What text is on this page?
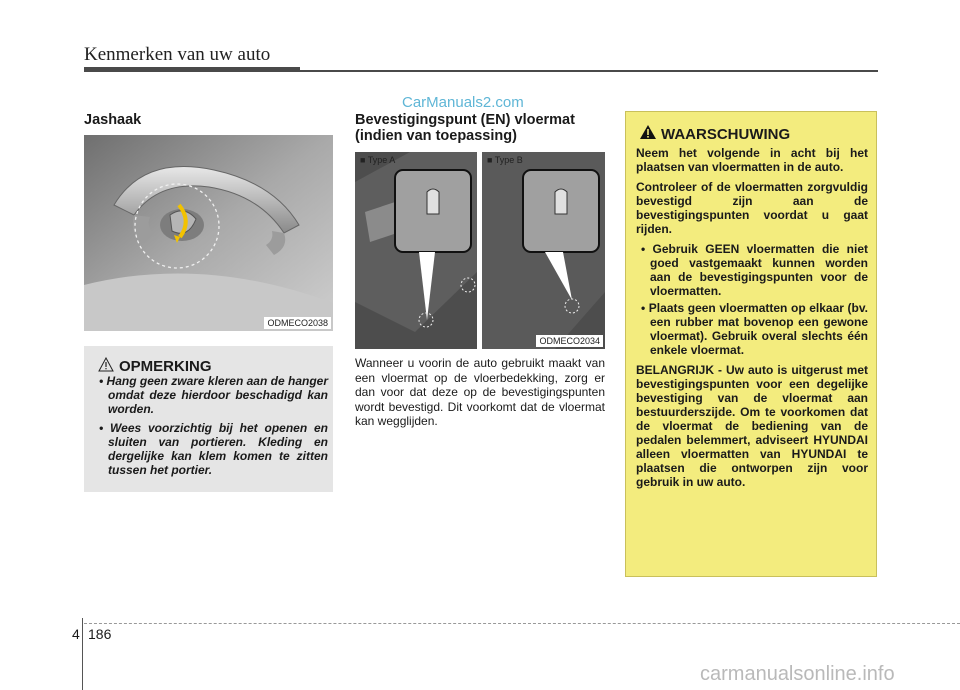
Kenmerken van uw auto
CarManuals2.com
Jashaak
ODMECO2038
OPMERKING
• Hang geen zware kleren aan de hanger omdat deze hierdoor beschadigd kan worden.
• Wees voorzichtig bij het openen en sluiten van portieren. Kleding en dergelijke kan klem komen te zitten tussen het portier.
Bevestigingspunt (EN) vloermat (indien van toepassing)
■ Type A	■ Type B
ODMECO2034

Wanneer u voorin de auto gebruikt maakt van een vloermat op de vloerbedekking, zorg er dan voor dat deze op de bevestigingspunten wordt bevestigd. Dit voorkomt dat de vloermat kan wegglijden.

WAARSCHUWING

Neem het volgende in acht bij het plaatsen van vloermatten in de auto.

Controleer of de vloermatten zorgvuldig bevestigd zijn aan de bevestigingspunten voordat u gaat rijden.

• Gebruik GEEN vloermatten die niet goed vastgemaakt kunnen worden aan de bevestigingspunten voor de vloermatten.
• Plaats geen vloermatten op elkaar (bv. een rubber mat bovenop een gewone vloermat). Gebruik overal slechts één enkele vloermat.

BELANGRIJK - Uw auto is uitgerust met bevestigingspunten voor een degelijke bevestiging van de vloermat aan bestuurderszijde. Om te voorkomen dat de vloermat de bediening van de pedalen belemmert, adviseert HYUNDAI alleen vloermatten van HYUNDAI te plaatsen die ontworpen zijn voor gebruik in uw auto.

4 186
carmanualsonline.info
